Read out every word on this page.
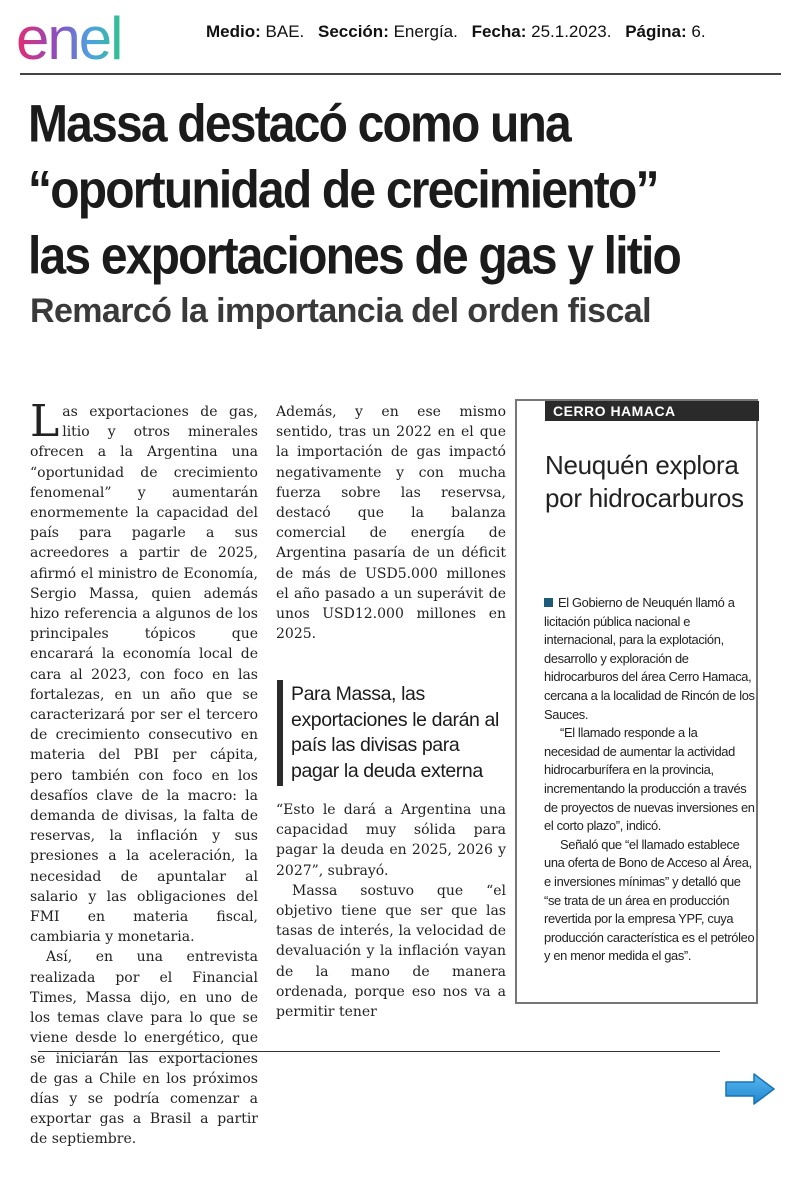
enel	Medio: BAE. Sección: Energía. Fecha: 25.1.2023. Página: 6.
Massa destacó como una
“oportunidad de crecimiento”
las exportaciones de gas y litio
Remarcó la importancia del orden fiscal

Las exportaciones de gas, litio y otros minerales ofrecen a la Argentina una “oportunidad de crecimiento fenomenal” y aumentarán enormemente la capacidad del país para pagarle a sus acreedores a partir de 2025, afirmó el ministro de Economía, Sergio Massa, quien además hizo referencia a algunos de los principales tópicos que encarará la economía local de cara al 2023, con foco en las fortalezas, en un año que se caracterizará por ser el tercero de crecimiento consecutivo en materia del PBI per cápita, pero también con foco en los desafíos clave de la macro: la demanda de divisas, la falta de reservas, la inflación y sus presiones a la aceleración, la necesidad de apuntalar al salario y las obligaciones del FMI en materia fiscal, cambiaria y monetaria.

Así, en una entrevista realizada por el Financial Times, Massa dijo, en uno de los temas clave para lo que se viene desde lo energético, que se iniciarán las exportaciones de gas a Chile en los próximos días y se podría comenzar a exportar gas a Brasil a partir de septiembre.

Además, y en ese mismo sentido, tras un 2022 en el que la importación de gas impactó negativamente y con mucha fuerza sobre las reservsa, destacó que la balanza comercial de energía de Argentina pasaría de un déficit de más de USD5.000 millones el año pasado a un superávit de unos USD12.000 millones en 2025.

Para Massa, las exportaciones le darán al país las divisas para pagar la deuda externa

“Esto le dará a Argentina una capacidad muy sólida para pagar la deuda en 2025, 2026 y 2027”, subrayó.

Massa sostuvo que “el objetivo tiene que ser que las tasas de interés, la velocidad de devaluación y la inflación vayan de la mano de manera ordenada, porque eso nos va a permitir tener

CERRO HAMACA
Neuquén explora por hidrocarburos

El Gobierno de Neuquén llamó a licitación pública nacional e internacional, para la explotación, desarrollo y exploración de hidrocarburos del área Cerro Hamaca, cercana a la localidad de Rincón de los Sauces.

“El llamado responde a la necesidad de aumentar la actividad hidrocarburífera en la provincia, incrementando la producción a través de proyectos de nuevas inversiones en el corto plazo”, indicó.

Señaló que “el llamado establece una oferta de Bono de Acceso al Área, e inversiones mínimas” y detalló que “se trata de un área en producción revertida por la empresa YPF, cuya producción característica es el petróleo y en menor medida el gas”.
